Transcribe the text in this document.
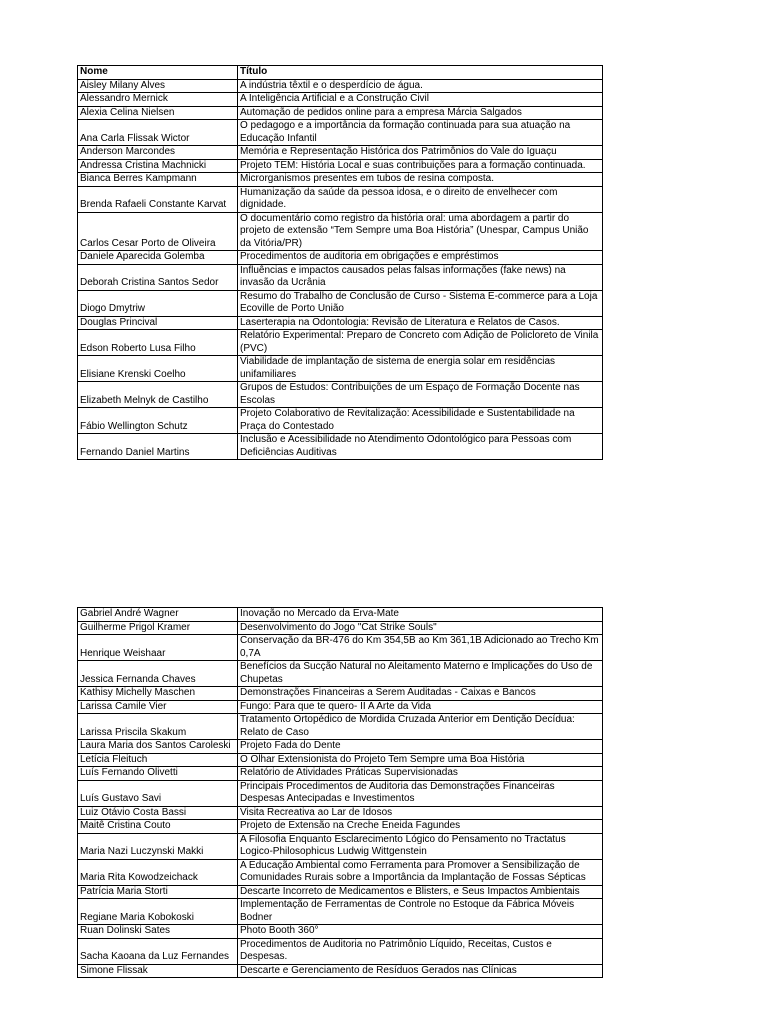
Nome	Título
Aisley Milany Alves	A indústria têxtil e o desperdício de água.
Alessandro Mernick	A Inteligência Artificial e a Construção Civil
Alexia Celina Nielsen	Automação de pedidos online para a empresa Márcia Salgados
Ana Carla Flissak Wictor	O pedagogo e a importância da formação continuada para sua atuação na Educação Infantil
Anderson Marcondes	Memória e Representação Histórica dos Patrimônios do Vale do Iguaçu
Andressa Cristina Machnicki	Projeto TEM: História Local e suas contribuições para a formação continuada.
Bianca Berres Kampmann	Microrganismos presentes em tubos de resina composta.
Brenda Rafaeli Constante Karvat	Humanização da saúde da pessoa idosa, e o direito de envelhecer com dignidade.
Carlos Cesar Porto de Oliveira	O documentário como registro da história oral: uma abordagem a partir do projeto de extensão “Tem Sempre uma Boa História” (Unespar, Campus União da Vitória/PR)
Daniele Aparecida Golemba	Procedimentos de auditoria em obrigações e empréstimos
Deborah Cristina Santos Sedor	Influências e impactos causados pelas falsas informações (fake news) na invasão da Ucrânia
Diogo Dmytriw	Resumo do Trabalho de Conclusão de Curso - Sistema E-commerce para a Loja Ecoville de Porto União
Douglas Princival	Laserterapia na Odontologia: Revisão de Literatura e Relatos de Casos.
Edson Roberto Lusa Filho	Relatório Experimental: Preparo de Concreto com Adição de Policloreto de Vinila (PVC)
Elisiane Krenski Coelho	Viabilidade de implantação de sistema de energia solar em residências unifamiliares
Elizabeth Melnyk de Castilho	Grupos de Estudos: Contribuições de um Espaço de Formação Docente nas Escolas
Fábio Wellington Schutz	Projeto Colaborativo de Revitalização: Acessibilidade e Sustentabilidade na Praça do Contestado
Fernando Daniel Martins	Inclusão e Acessibilidade no Atendimento Odontológico para Pessoas com Deficiências Auditivas
Gabriel André Wagner	Inovação no Mercado da Erva-Mate
Guilherme Prigol Kramer	Desenvolvimento do Jogo "Cat Strike Souls"
Henrique Weishaar	Conservação da BR-476 do Km 354,5B ao Km 361,1B Adicionado ao Trecho Km 0,7A
Jessica Fernanda Chaves	Benefícios da Sucção Natural no Aleitamento Materno e Implicações do Uso de Chupetas
Kathisy Michelly Maschen	Demonstrações Financeiras a Serem Auditadas - Caixas e Bancos
Larissa Camile Vier	Fungo: Para que te quero- II A Arte da Vida
Larissa Priscila Skakum	Tratamento Ortopédico de Mordida Cruzada Anterior em Dentição Decídua: Relato de Caso
Laura Maria dos Santos Caroleski	Projeto Fada do Dente
Letícia Fleituch	O Olhar Extensionista do Projeto Tem Sempre uma Boa História
Luís Fernando Olivetti	Relatório de Atividades Práticas Supervisionadas
Luís Gustavo Savi	Principais Procedimentos de Auditoria das Demonstrações Financeiras Despesas Antecipadas e Investimentos
Luiz Otávio Costa Bassi	Visita Recreativa ao Lar de Idosos
Maitê Cristina Couto	Projeto de Extensão na Creche Eneida Fagundes
Maria Nazi Luczynski Makki	A Filosofia Enquanto Esclarecimento Lógico do Pensamento no Tractatus Logico-Philosophicus Ludwig Wittgenstein
Maria Rita Kowodzeichack	A Educação Ambiental como Ferramenta para Promover a Sensibilização de Comunidades Rurais sobre a Importância da Implantação de Fossas Sépticas
Patrícia Maria Storti	Descarte Incorreto de Medicamentos e Blisters, e Seus Impactos Ambientais
Regiane Maria Kobokoski	Implementação de Ferramentas de Controle no Estoque da Fábrica Móveis Bodner
Ruan Dolinski Sates	Photo Booth 360°
Sacha Kaoana da Luz Fernandes	Procedimentos de Auditoria no Patrimônio Líquido, Receitas, Custos e Despesas.
Simone Flissak	Descarte e Gerenciamento de Resíduos Gerados nas Clínicas
